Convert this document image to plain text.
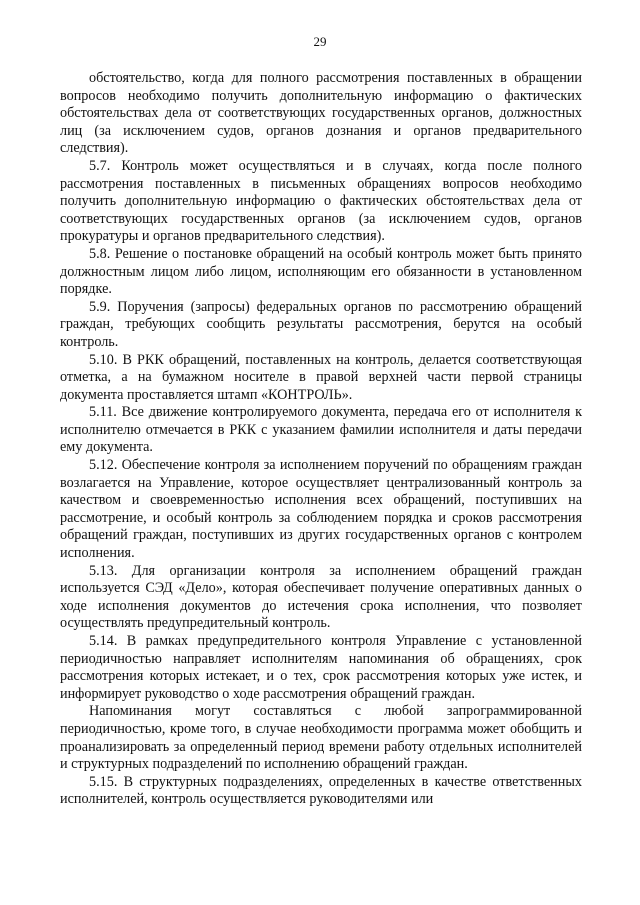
29

обстоятельство, когда для полного рассмотрения поставленных в обращении вопросов необходимо получить дополнительную информацию о фактических обстоятельствах дела от соответствующих государственных органов, должностных лиц (за исключением судов, органов дознания и органов предварительного следствия).

5.7. Контроль может осуществляться и в случаях, когда после полного рассмотрения поставленных в письменных обращениях вопросов необходимо получить дополнительную информацию о фактических обстоятельствах дела от соответствующих государственных органов (за исключением судов, органов прокуратуры и органов предварительного следствия).

5.8. Решение о постановке обращений на особый контроль может быть принято должностным лицом либо лицом, исполняющим его обязанности в установленном порядке.

5.9. Поручения (запросы) федеральных органов по рассмотрению обращений граждан, требующих сообщить результаты рассмотрения, берутся на особый контроль.

5.10. В РКК обращений, поставленных на контроль, делается соответствующая отметка, а на бумажном носителе в правой верхней части первой страницы документа проставляется штамп «КОНТРОЛЬ».

5.11. Все движение контролируемого документа, передача его от исполнителя к исполнителю отмечается в РКК с указанием фамилии исполнителя и даты передачи ему документа.

5.12. Обеспечение контроля за исполнением поручений по обращениям граждан возлагается на Управление, которое осуществляет централизованный контроль за качеством и своевременностью исполнения всех обращений, поступивших на рассмотрение, и особый контроль за соблюдением порядка и сроков рассмотрения обращений граждан, поступивших из других государственных органов с контролем исполнения.

5.13. Для организации контроля за исполнением обращений граждан используется СЭД «Дело», которая обеспечивает получение оперативных данных о ходе исполнения документов до истечения срока исполнения, что позволяет осуществлять предупредительный контроль.

5.14. В рамках предупредительного контроля Управление с установленной периодичностью направляет исполнителям напоминания об обращениях, срок рассмотрения которых истекает, и о тех, срок рассмотрения которых уже истек, и информирует руководство о ходе рассмотрения обращений граждан.

Напоминания могут составляться с любой запрограммированной периодичностью, кроме того, в случае необходимости программа может обобщить и проанализировать за определенный период времени работу отдельных исполнителей и структурных подразделений по исполнению обращений граждан.

5.15. В структурных подразделениях, определенных в качестве ответственных исполнителей, контроль осуществляется руководителями или
